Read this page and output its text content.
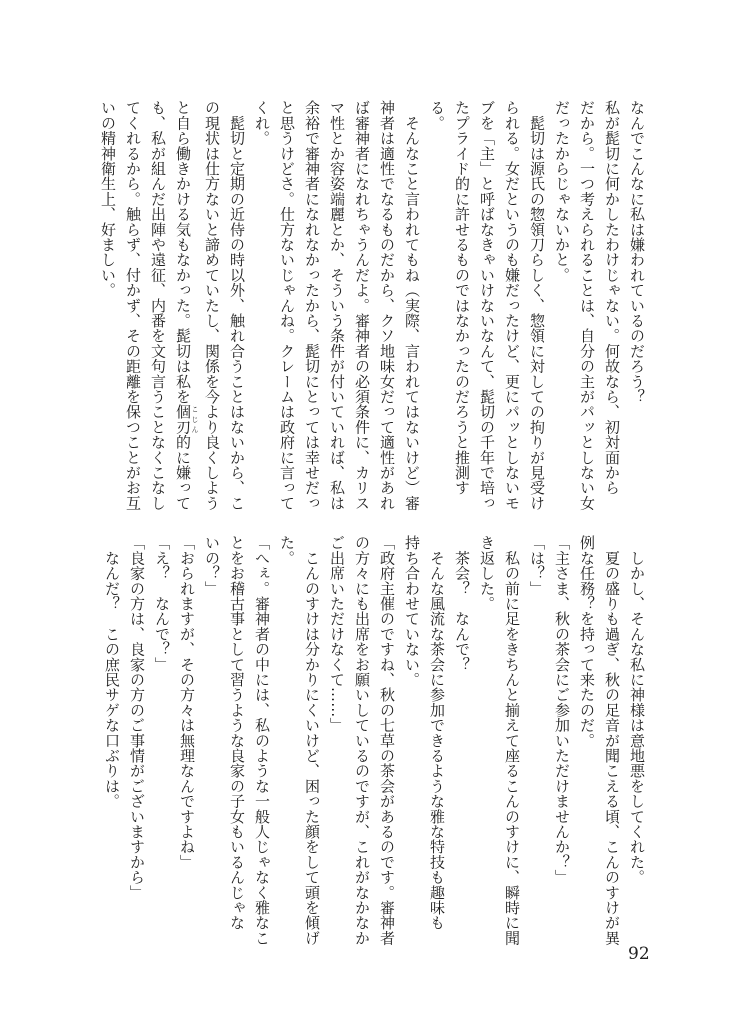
なんでこんなに私は嫌われているのだろう？
私が髭切に何かしたわけじゃない。何故なら、初対面から
だから。一つ考えられることは、自分の主がパッとしない女
だったからじゃないかと。
　髭切は源氏の惣領刀らしく、惣領に対しての拘りが見受け
られる。女だというのも嫌だったけど、更にパッとしないモ
ブを「主」と呼ばなきゃいけないなんて、髭切の千年で培っ
たプライド的に許せるものではなかったのだろうと推測す
る。
　そんなこと言われてもね（実際、言われてはないけど）審
神者は適性でなるものだから、クソ地味女だって適性があれ
ば審神者になれちゃうんだよ。審神者の必須条件に、カリス
マ性とか容姿端麗とか、そういう条件が付いていれば、私は
余裕で審神者になれなかったから、髭切にとっては幸せだっ
と思うけどさ。仕方ないじゃんね。クレームは政府に言って
くれ。
　髭切と定期の近侍の時以外、触れ合うことはないから、こ
の現状は仕方ないと諦めていたし、関係を今より良くしよう
と自ら働きかける気もなかった。髭切は私を個刃 こじん的に嫌って
も、私が組んだ出陣や遠征、内番を文句言うことなくこなし
てくれるから。触らず、付かず、その距離を保つことがお互
いの精神衛生上、好ましい。
　しかし、そんな私に神様は意地悪をしてくれた。
　夏の盛りも過ぎ、秋の足音が聞こえる頃、こんのすけが異
例な任務？を持って来たのだ。
「主さま、秋の茶会にご参加いただけませんか？」
「は？」
　私の前に足をきちんと揃えて座るこんのすけに、瞬時に聞
き返した。
　茶会？　なんで？
　そんな風流な茶会に参加できるような雅な特技も趣味も
持ち合わせていない。
「政府主催のですね、秋の七草の茶会があるのです。審神者
の方々にも出席をお願いしているのですが、これがなかなか
ご出席いただけなくて……」
　こんのすけは分かりにくいけど、困った顔をして頭を傾げ
た。
「へぇ。審神者の中には、私のような一般人じゃなく雅なこ
とをお稽古事として習うような良家の子女もいるんじゃな
いの？」
「おられますが、その方々は無理なんですよね」
「え？　なんで？」
「良家の方は、良家の方のご事情がございますから」
　なんだ？　この庶民サゲな口ぶりは。
92
